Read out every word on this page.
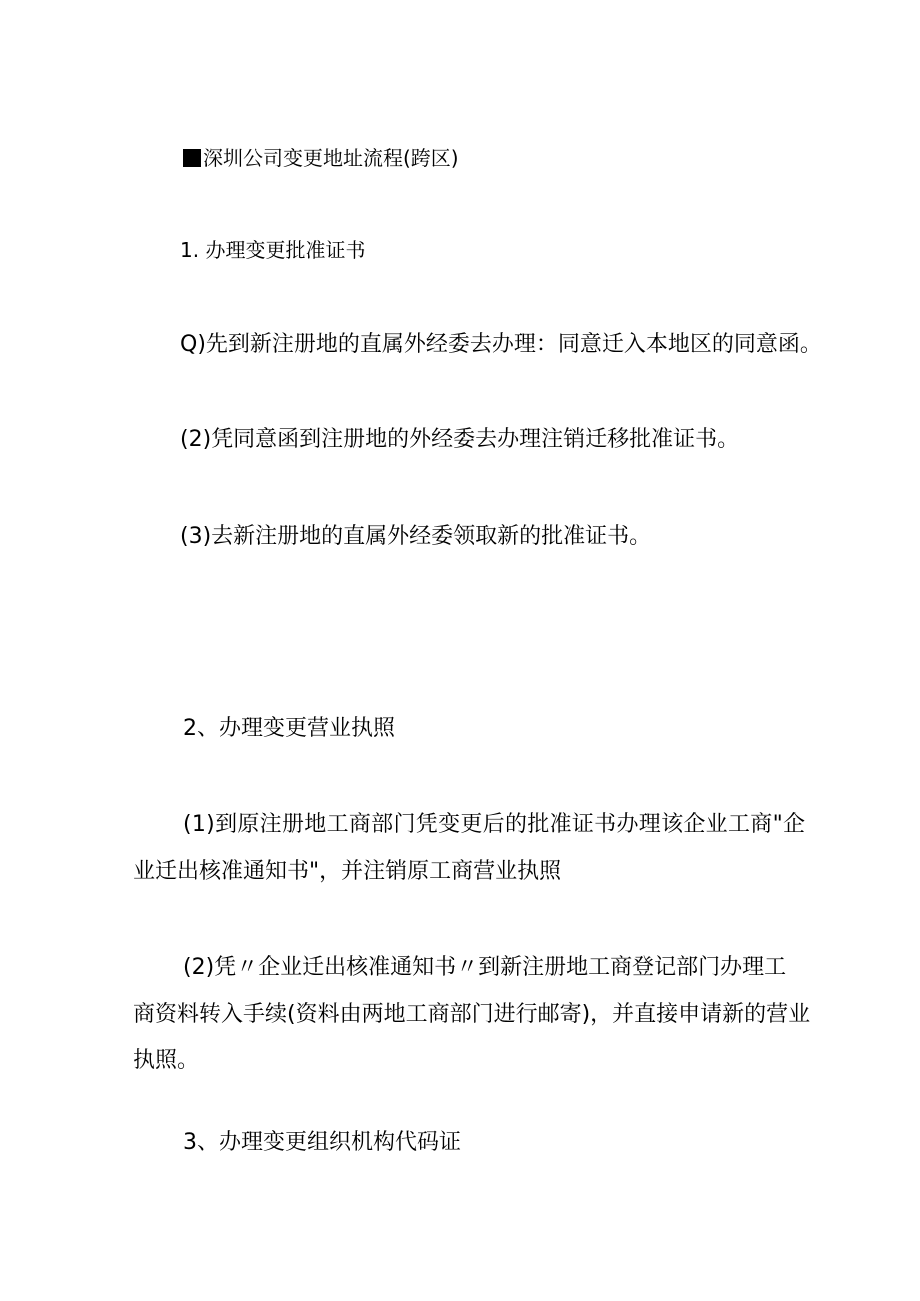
深圳公司变更地址流程(跨区)
1. 办理变更批准证书
Q)先到新注册地的直属外经委去办理：同意迁入本地区的同意函。
(2)凭同意函到注册地的外经委去办理注销迁移批准证书。
(3)去新注册地的直属外经委领取新的批准证书。
2、办理变更营业执照
(1)到原注册地工商部门凭变更后的批准证书办理该企业工商"企
业迁出核准通知书"，并注销原工商营业执照
(2)凭〃企业迁出核准通知书〃到新注册地工商登记部门办理工
商资料转入手续(资料由两地工商部门进行邮寄)，并直接申请新的营业
执照。
3、办理变更组织机构代码证
